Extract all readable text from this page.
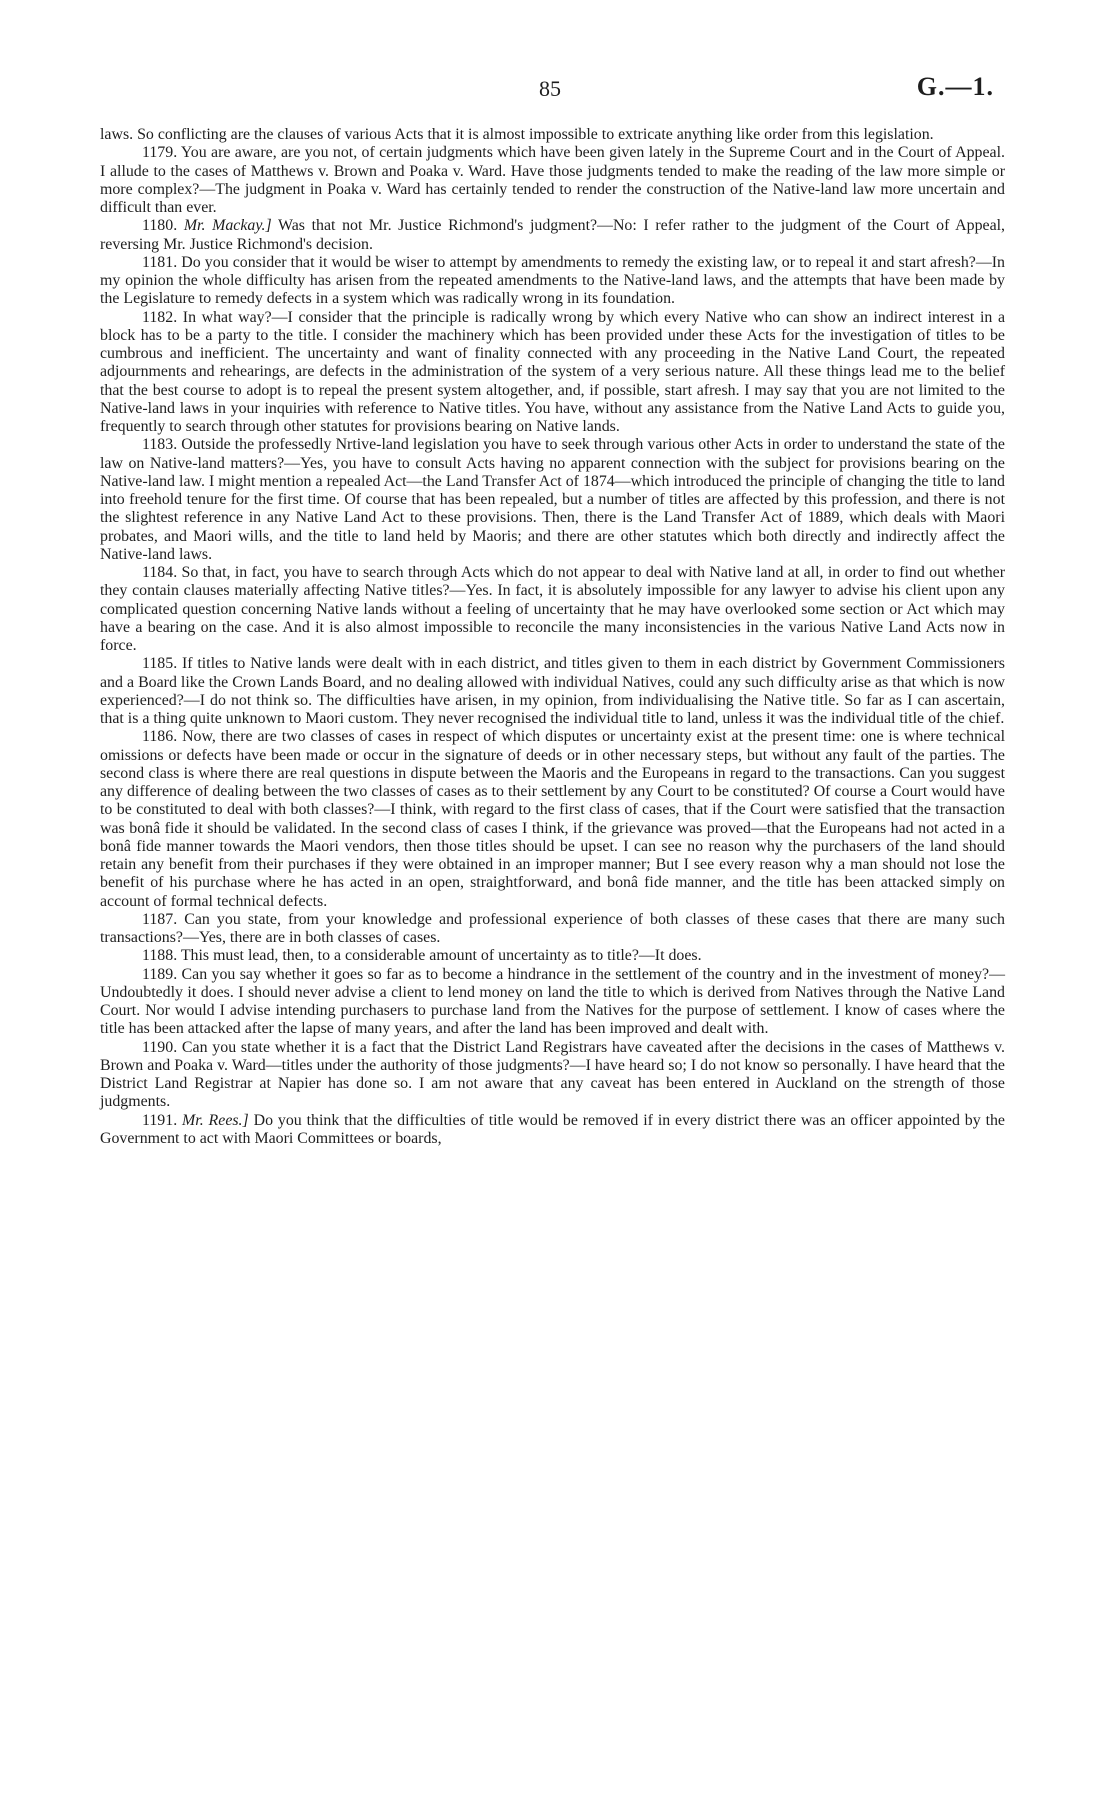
85	G.—1.

laws. So conflicting are the clauses of various Acts that it is almost impossible to extricate anything like order from this legislation.

1179. You are aware, are you not, of certain judgments which have been given lately in the Supreme Court and in the Court of Appeal. I allude to the cases of Matthews v. Brown and Poaka v. Ward. Have those judgments tended to make the reading of the law more simple or more complex?—The judgment in Poaka v. Ward has certainly tended to render the construction of the Native-land law more uncertain and difficult than ever.

1180. Mr. Mackay.] Was that not Mr. Justice Richmond's judgment?—No: I refer rather to the judgment of the Court of Appeal, reversing Mr. Justice Richmond's decision.

1181. Do you consider that it would be wiser to attempt by amendments to remedy the existing law, or to repeal it and start afresh?—In my opinion the whole difficulty has arisen from the repeated amendments to the Native-land laws, and the attempts that have been made by the Legislature to remedy defects in a system which was radically wrong in its foundation.

1182. In what way?—I consider that the principle is radically wrong by which every Native who can show an indirect interest in a block has to be a party to the title. I consider the machinery which has been provided under these Acts for the investigation of titles to be cumbrous and inefficient. The uncertainty and want of finality connected with any proceeding in the Native Land Court, the repeated adjournments and rehearings, are defects in the administration of the system of a very serious nature. All these things lead me to the belief that the best course to adopt is to repeal the present system altogether, and, if possible, start afresh. I may say that you are not limited to the Native-land laws in your inquiries with reference to Native titles. You have, without any assistance from the Native Land Acts to guide you, frequently to search through other statutes for provisions bearing on Native lands.

1183. Outside the professedly Nrtive-land legislation you have to seek through various other Acts in order to understand the state of the law on Native-land matters?—Yes, you have to consult Acts having no apparent connection with the subject for provisions bearing on the Native-land law. I might mention a repealed Act—the Land Transfer Act of 1874—which introduced the principle of changing the title to land into freehold tenure for the first time. Of course that has been repealed, but a number of titles are affected by this profession, and there is not the slightest reference in any Native Land Act to these provisions. Then, there is the Land Transfer Act of 1889, which deals with Maori probates, and Maori wills, and the title to land held by Maoris; and there are other statutes which both directly and indirectly affect the Native-land laws.

1184. So that, in fact, you have to search through Acts which do not appear to deal with Native land at all, in order to find out whether they contain clauses materially affecting Native titles?—Yes. In fact, it is absolutely impossible for any lawyer to advise his client upon any complicated question concerning Native lands without a feeling of uncertainty that he may have overlooked some section or Act which may have a bearing on the case. And it is also almost impossible to reconcile the many inconsistencies in the various Native Land Acts now in force.

1185. If titles to Native lands were dealt with in each district, and titles given to them in each district by Government Commissioners and a Board like the Crown Lands Board, and no dealing allowed with individual Natives, could any such difficulty arise as that which is now experienced?—I do not think so. The difficulties have arisen, in my opinion, from individualising the Native title. So far as I can ascertain, that is a thing quite unknown to Maori custom. They never recognised the individual title to land, unless it was the individual title of the chief.

1186. Now, there are two classes of cases in respect of which disputes or uncertainty exist at the present time: one is where technical omissions or defects have been made or occur in the signature of deeds or in other necessary steps, but without any fault of the parties. The second class is where there are real questions in dispute between the Maoris and the Europeans in regard to the transactions. Can you suggest any difference of dealing between the two classes of cases as to their settlement by any Court to be constituted? Of course a Court would have to be constituted to deal with both classes?—I think, with regard to the first class of cases, that if the Court were satisfied that the transaction was bonâ fide it should be validated. In the second class of cases I think, if the grievance was proved—that the Europeans had not acted in a bonâ fide manner towards the Maori vendors, then those titles should be upset. I can see no reason why the purchasers of the land should retain any benefit from their purchases if they were obtained in an improper manner; But I see every reason why a man should not lose the benefit of his purchase where he has acted in an open, straightforward, and bonâ fide manner, and the title has been attacked simply on account of formal technical defects.

1187. Can you state, from your knowledge and professional experience of both classes of these cases that there are many such transactions?—Yes, there are in both classes of cases.

1188. This must lead, then, to a considerable amount of uncertainty as to title?—It does.

1189. Can you say whether it goes so far as to become a hindrance in the settlement of the country and in the investment of money?—Undoubtedly it does. I should never advise a client to lend money on land the title to which is derived from Natives through the Native Land Court. Nor would I advise intending purchasers to purchase land from the Natives for the purpose of settlement. I know of cases where the title has been attacked after the lapse of many years, and after the land has been improved and dealt with.

1190. Can you state whether it is a fact that the District Land Registrars have caveated after the decisions in the cases of Matthews v. Brown and Poaka v. Ward—titles under the authority of those judgments?—I have heard so; I do not know so personally. I have heard that the District Land Registrar at Napier has done so. I am not aware that any caveat has been entered in Auckland on the strength of those judgments.

1191. Mr. Rees.] Do you think that the difficulties of title would be removed if in every district there was an officer appointed by the Government to act with Maori Committees or boards,
